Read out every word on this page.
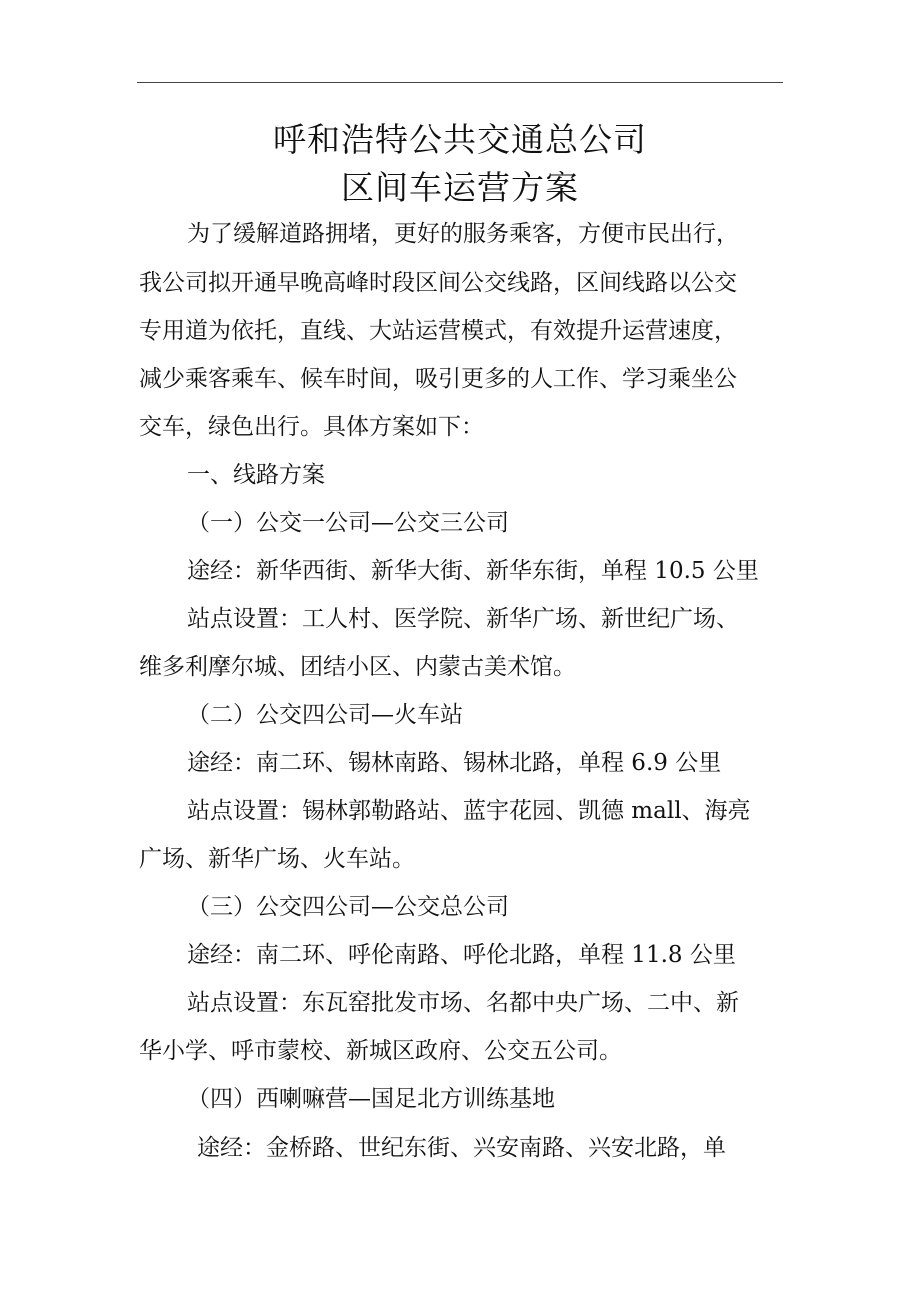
呼和浩特公共交通总公司
区间车运营方案
为了缓解道路拥堵，更好的服务乘客，方便市民出行，
我公司拟开通早晚高峰时段区间公交线路，区间线路以公交
专用道为依托，直线、大站运营模式，有效提升运营速度，
减少乘客乘车、候车时间，吸引更多的人工作、学习乘坐公
交车，绿色出行。具体方案如下：
一、线路方案
（一）公交一公司—公交三公司
途经：新华西街、新华大街、新华东街，单程 10.5 公里
站点设置：工人村、医学院、新华广场、新世纪广场、
维多利摩尔城、团结小区、内蒙古美术馆。
（二）公交四公司—火车站
途经：南二环、锡林南路、锡林北路，单程 6.9 公里
站点设置：锡林郭勒路站、蓝宇花园、凯德 mall、海亮
广场、新华广场、火车站。
（三）公交四公司—公交总公司
途经：南二环、呼伦南路、呼伦北路，单程 11.8 公里
站点设置：东瓦窑批发市场、名都中央广场、二中、新
华小学、呼市蒙校、新城区政府、公交五公司。
（四）西喇嘛营—国足北方训练基地
途经：金桥路、世纪东街、兴安南路、兴安北路，单
